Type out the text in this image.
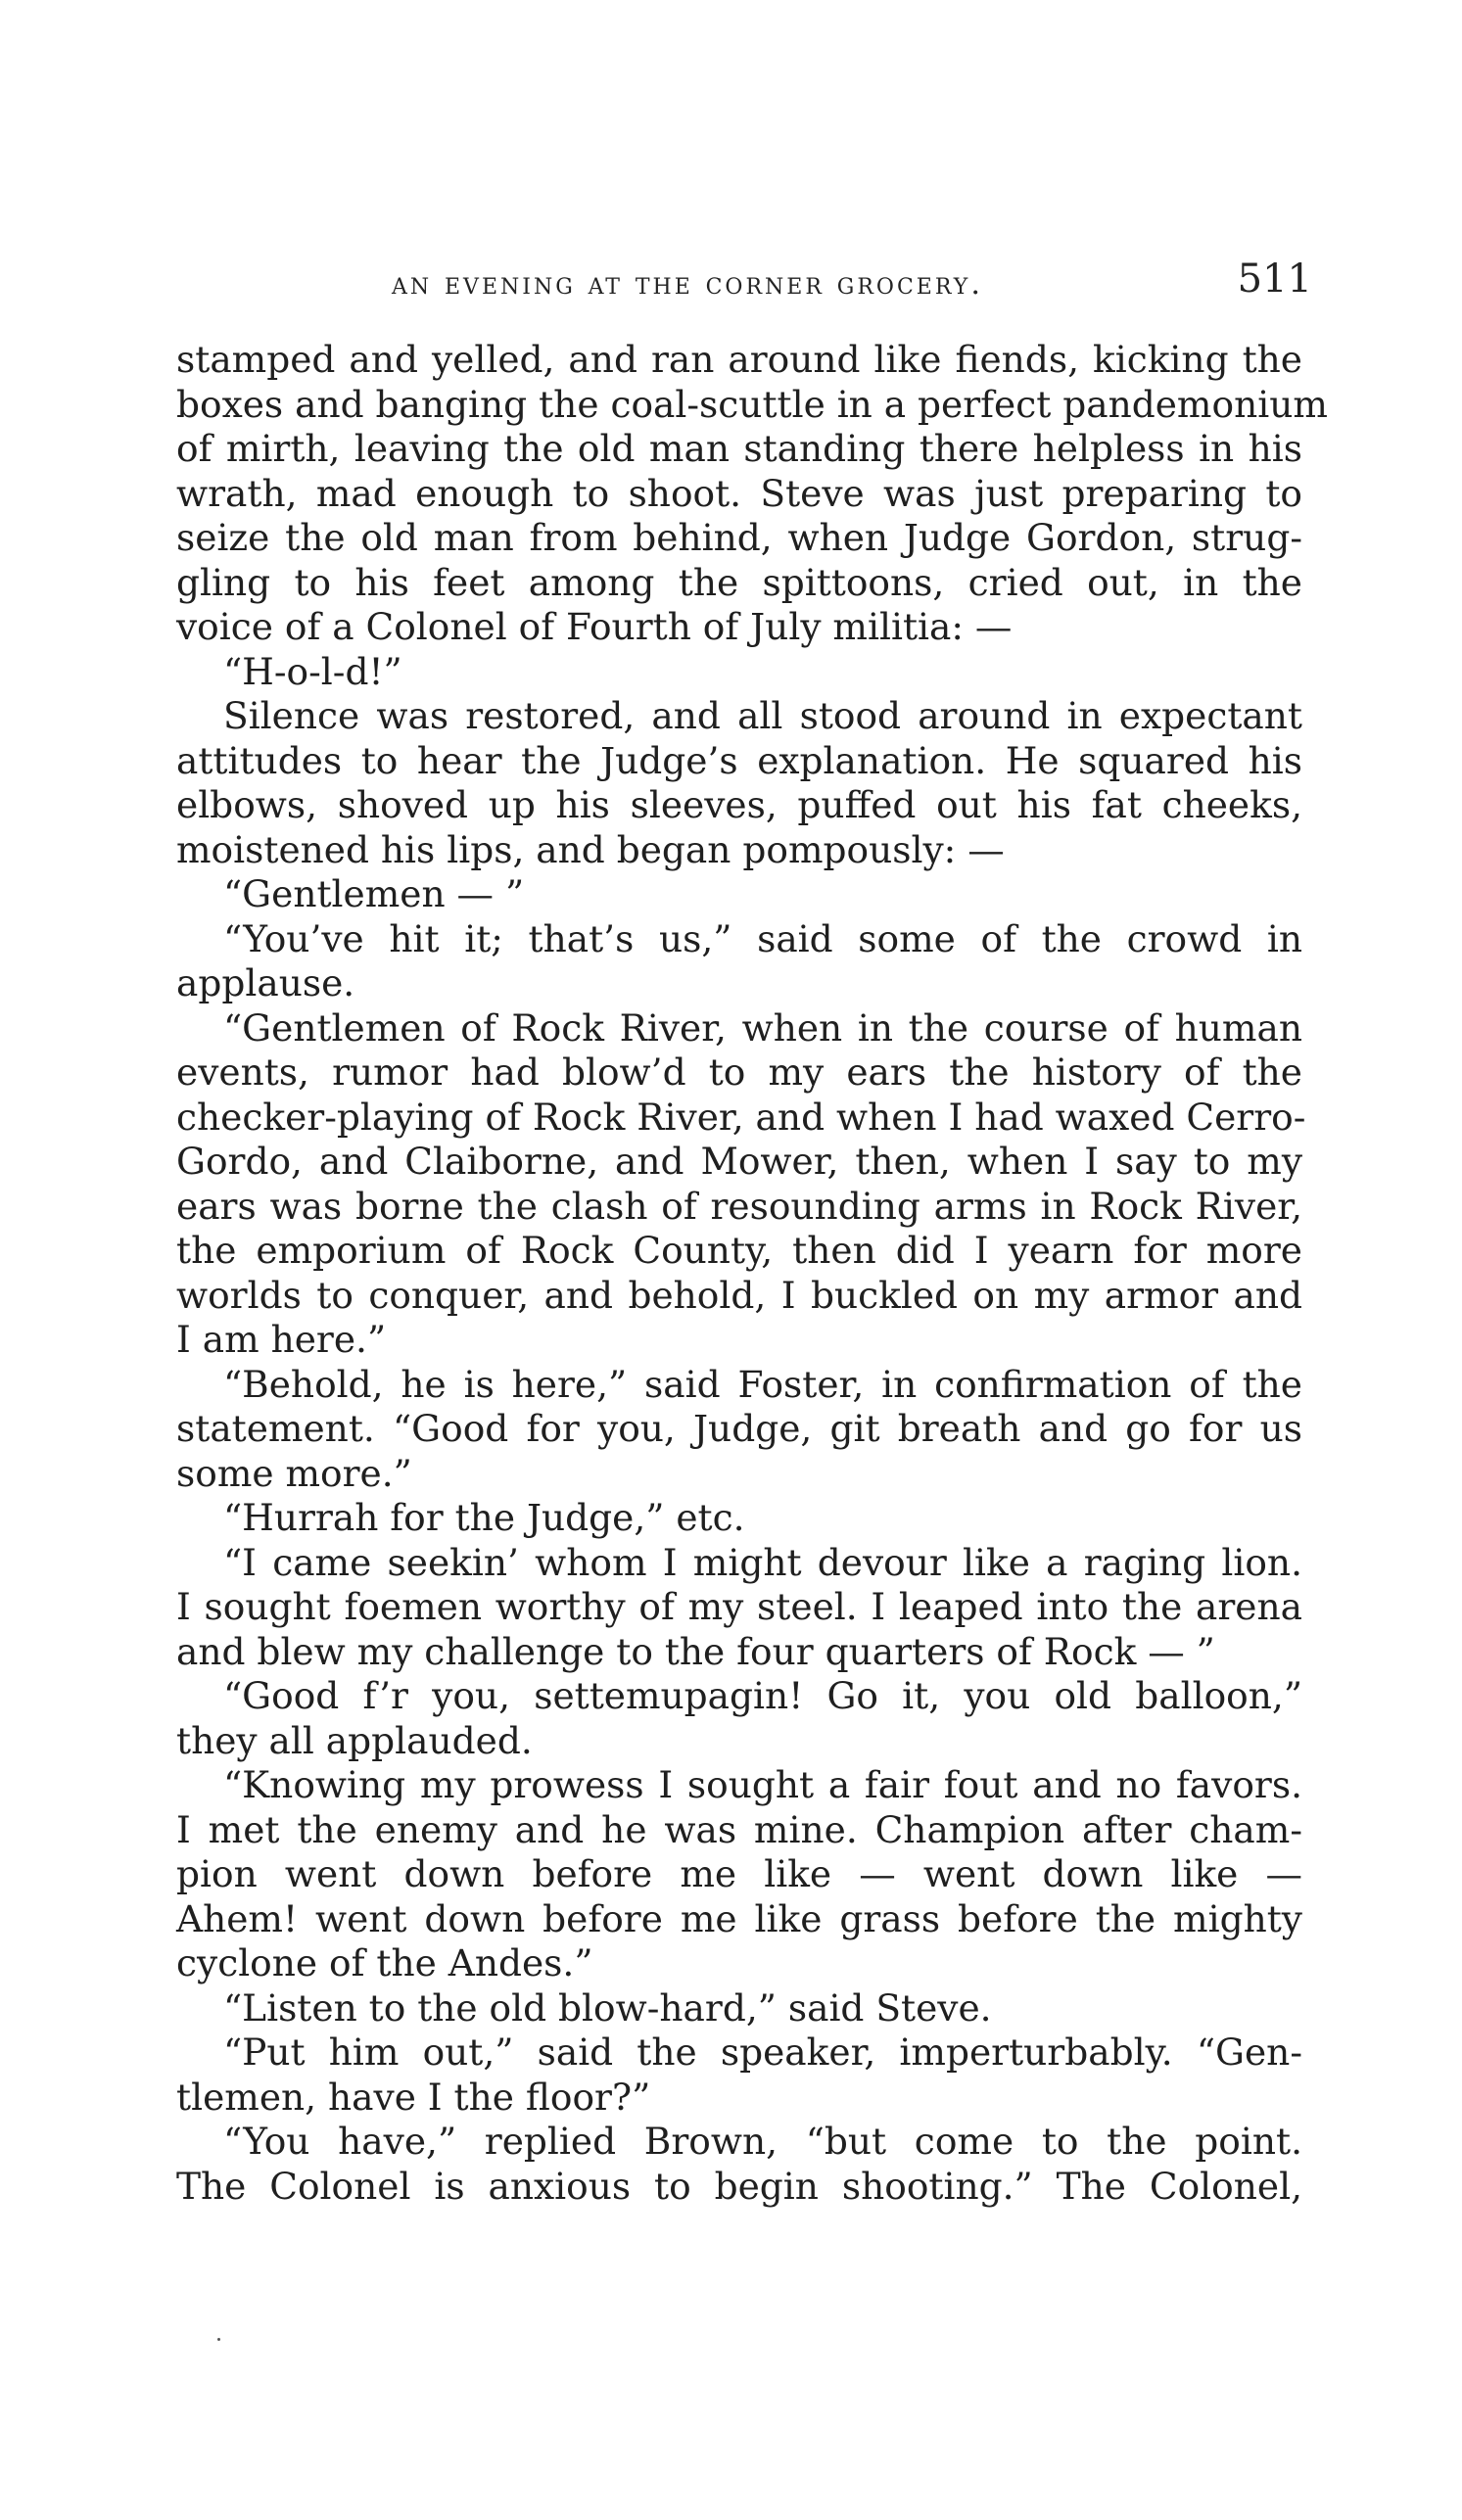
an evening at the corner grocery.	511
stamped and yelled, and ran around like fiends, kicking the
boxes and banging the coal-scuttle in a perfect pandemonium
of mirth, leaving the old man standing there helpless in his
wrath, mad enough to shoot. Steve was just preparing to
seize the old man from behind, when Judge Gordon, strug-
gling to his feet among the spittoons, cried out, in the
voice of a Colonel of Fourth of July militia: —
“H-o-l-d!”
Silence was restored, and all stood around in expectant
attitudes to hear the Judge’s explanation. He squared his
elbows, shoved up his sleeves, puffed out his fat cheeks,
moistened his lips, and began pompously: —
“Gentlemen — ”
“You’ve hit it; that’s us,” said some of the crowd in
applause.
“Gentlemen of Rock River, when in the course of human
events, rumor had blow’d to my ears the history of the
checker-playing of Rock River, and when I had waxed Cerro-
Gordo, and Claiborne, and Mower, then, when I say to my
ears was borne the clash of resounding arms in Rock River,
the emporium of Rock County, then did I yearn for more
worlds to conquer, and behold, I buckled on my armor and
I am here.”
“Behold, he is here,” said Foster, in confirmation of the
statement. “Good for you, Judge, git breath and go for us
some more.”
“Hurrah for the Judge,” etc.
“I came seekin’ whom I might devour like a raging lion.
I sought foemen worthy of my steel. I leaped into the arena
and blew my challenge to the four quarters of Rock — ”
“Good f’r you, settemupagin! Go it, you old balloon,”
they all applauded.
“Knowing my prowess I sought a fair fout and no favors.
I met the enemy and he was mine. Champion after cham-
pion went down before me like — went down like —
Ahem! went down before me like grass before the mighty
cyclone of the Andes.”
“Listen to the old blow-hard,” said Steve.
“Put him out,” said the speaker, imperturbably. “Gen-
tlemen, have I the floor?”
“You have,” replied Brown, “but come to the point.
The Colonel is anxious to begin shooting.” The Colonel,
